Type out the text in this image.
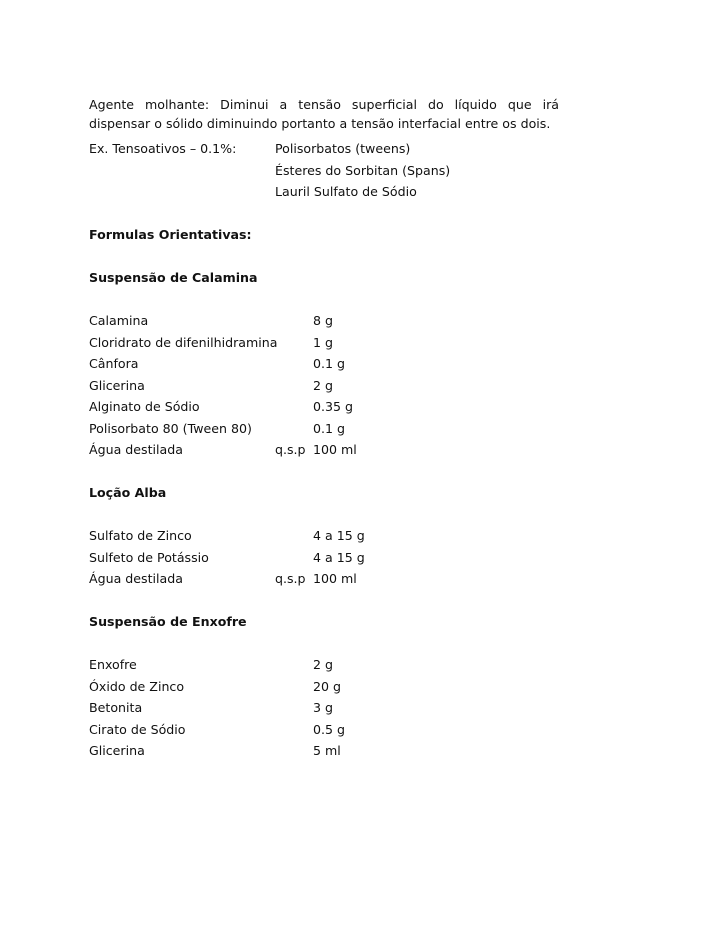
Agente molhante: Diminui a tensão superficial do líquido que irá dispensar o sólido diminuindo portanto a tensão interfacial entre os dois.

Ex. Tensoativos – 0.1%:	Polisorbatos (tweens)
Ésteres do Sorbitan (Spans)
Lauril Sulfato de Sódio
Formulas Orientativas:
Suspensão de Calamina
Calamina	8 g
Cloridrato de difenilhidramina	1 g
Cânfora	0.1 g
Glicerina	2 g
Alginato de Sódio	0.35 g
Polisorbato 80 (Tween 80)	0.1 g
Água destilada	q.s.p 100 ml
Loção Alba
Sulfato de Zinco	4 a 15 g
Sulfeto de Potássio	4 a 15 g
Água destilada	q.s.p 100 ml
Suspensão de Enxofre
Enxofre	2 g
Óxido de Zinco	20 g
Betonita	3 g
Cirato de Sódio	0.5 g
Glicerina	5 ml
